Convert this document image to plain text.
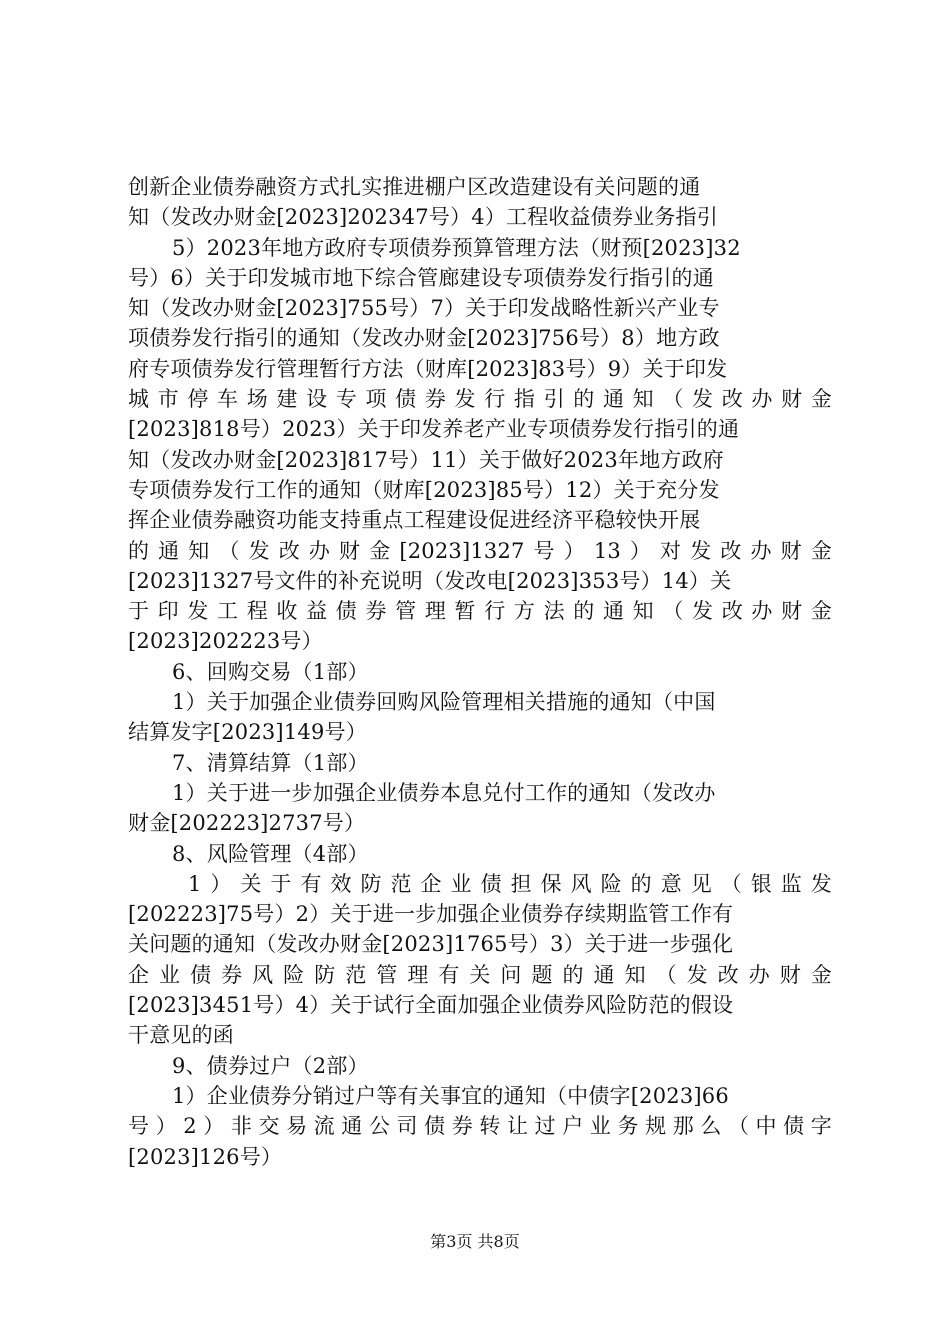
创新企业债券融资方式扎实推进棚户区改造建设有关问题的通
知（发改办财金[2023]202347号）4）工程收益债券业务指引
5）2023年地方政府专项债券预算管理方法（财预[2023]32
号）6）关于印发城市地下综合管廊建设专项债券发行指引的通
知（发改办财金[2023]755号）7）关于印发战略性新兴产业专
项债券发行指引的通知（发改办财金[2023]756号）8）地方政
府专项债券发行管理暂行方法（财库[2023]83号）9）关于印发
城市停车场建设专项债券发行指引的通知（发改办财金
[2023]818号）2023）关于印发养老产业专项债券发行指引的通
知（发改办财金[2023]817号）11）关于做好2023年地方政府
专项债券发行工作的通知（财库[2023]85号）12）关于充分发
挥企业债券融资功能支持重点工程建设促进经济平稳较快开展
的通知（发改办财金[2023]1327号）13）对发改办财金
[2023]1327号文件的补充说明（发改电[2023]353号）14）关
于印发工程收益债券管理暂行方法的通知（发改办财金
[2023]202223号）
6、回购交易（1部）
1）关于加强企业债券回购风险管理相关措施的通知（中国
结算发字[2023]149号）
7、清算结算（1部）
1）关于进一步加强企业债券本息兑付工作的通知（发改办
财金[202223]2737号）
8、风险管理（4部）
1）关于有效防范企业债担保风险的意见（银监发
[202223]75号）2）关于进一步加强企业债券存续期监管工作有
关问题的通知（发改办财金[2023]1765号）3）关于进一步强化
企业债券风险防范管理有关问题的通知（发改办财金
[2023]3451号）4）关于试行全面加强企业债券风险防范的假设
干意见的函
9、债券过户（2部）
1）企业债券分销过户等有关事宜的通知（中债字[2023]66
号）2）非交易流通公司债券转让过户业务规那么（中债字
[2023]126号）
第3页 共8页
